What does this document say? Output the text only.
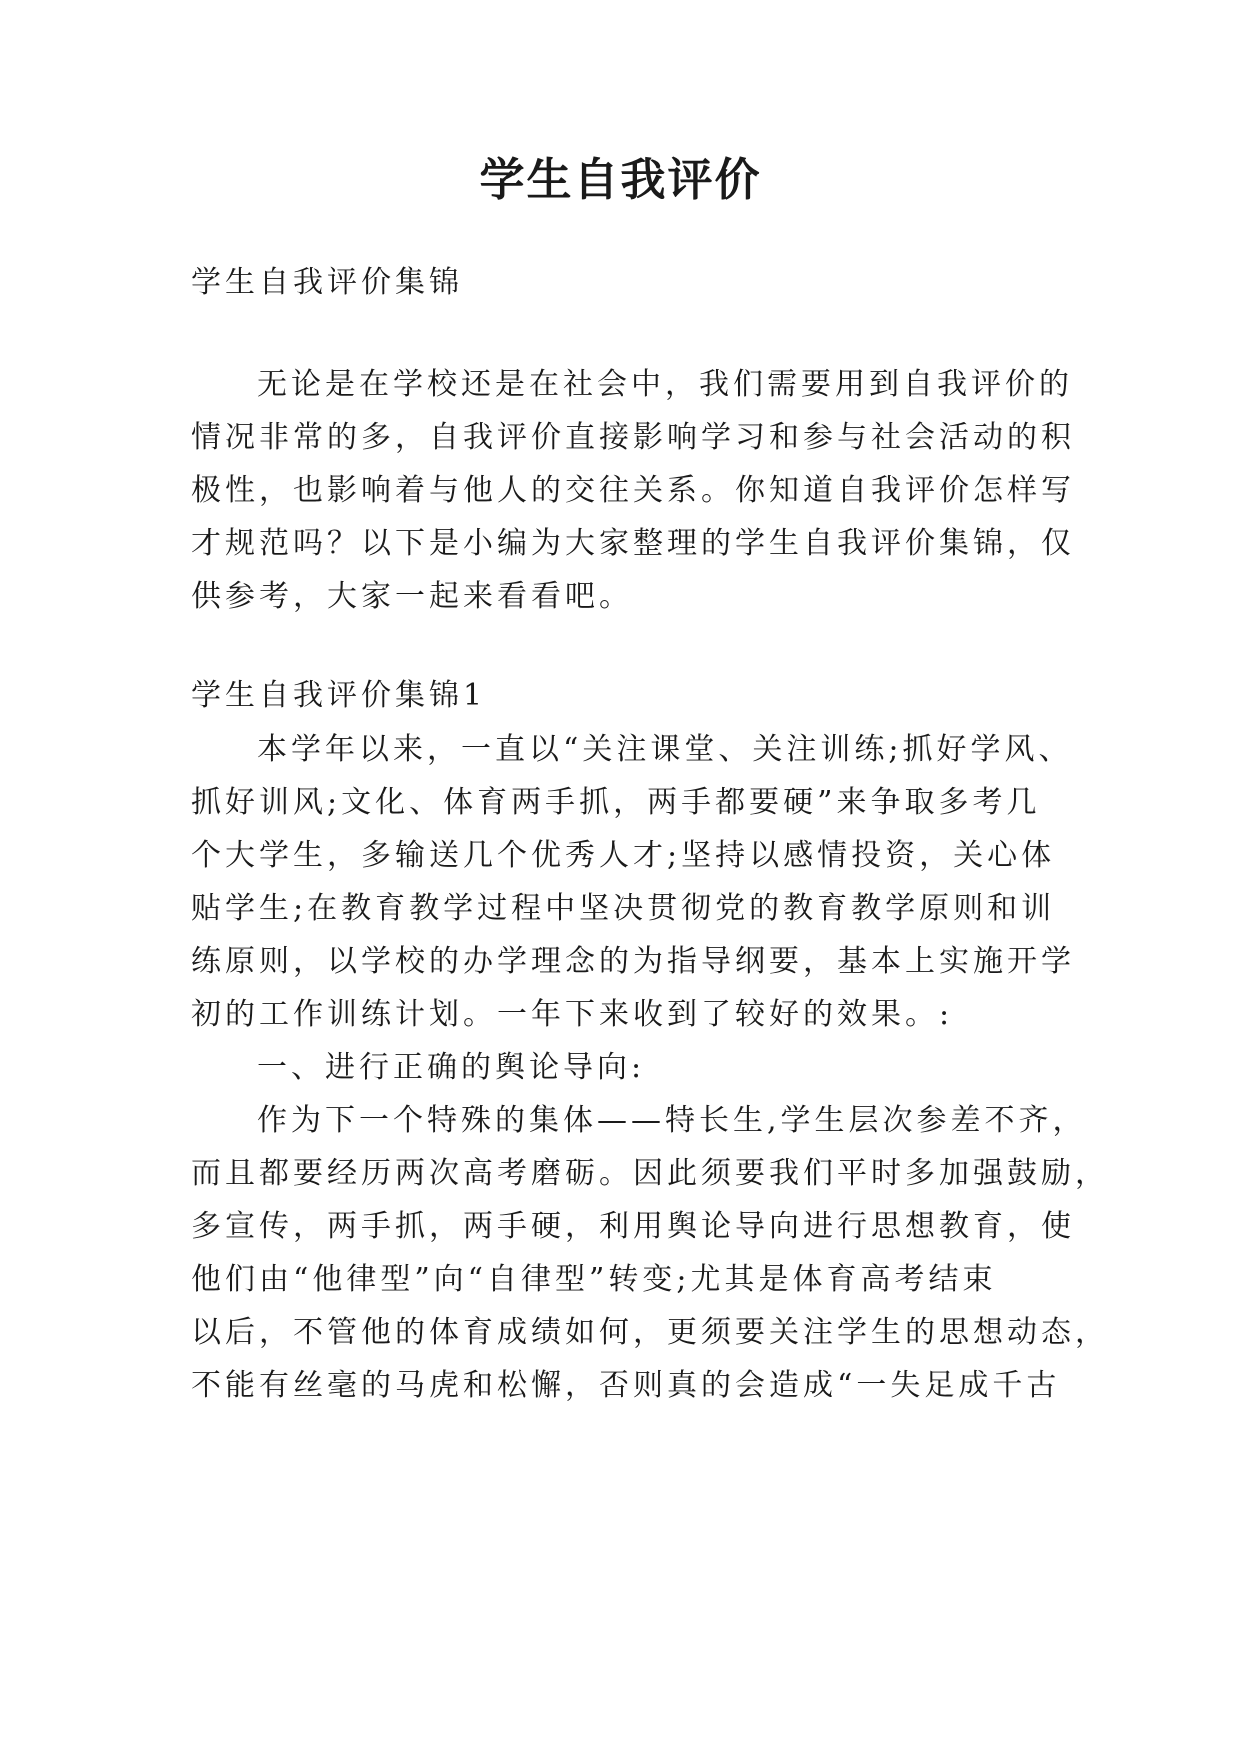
学生自我评价

学生自我评价集锦

无论是在学校还是在社会中，我们需要用到自我评价的

情况非常的多，自我评价直接影响学习和参与社会活动的积

极性，也影响着与他人的交往关系。你知道自我评价怎样写

才规范吗？以下是小编为大家整理的学生自我评价集锦，仅

供参考，大家一起来看看吧。

学生自我评价集锦1

本学年以来，一直以“关注课堂、关注训练;抓好学风、

抓好训风;文化、体育两手抓，两手都要硬”来争取多考几

个大学生，多输送几个优秀人才;坚持以感情投资，关心体

贴学生;在教育教学过程中坚决贯彻党的教育教学原则和训

练原则，以学校的办学理念的为指导纲要，基本上实施开学

初的工作训练计划。一年下来收到了较好的效果。:

一、进行正确的舆论导向:

作为下一个特殊的集体——特长生,学生层次参差不齐，

而且都要经历两次高考磨砺。因此须要我们平时多加强鼓励，

多宣传，两手抓，两手硬，利用舆论导向进行思想教育，使

他们由“他律型”向“自律型”转变;尤其是体育高考结束

以后，不管他的体育成绩如何，更须要关注学生的思想动态，

不能有丝毫的马虎和松懈，否则真的会造成“一失足成千古
